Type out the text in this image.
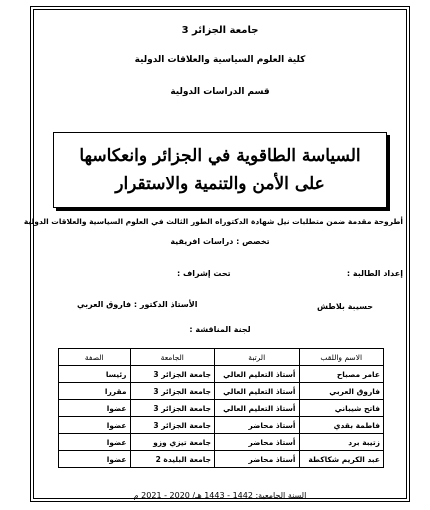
جامعة الجزائر 3
كلية العلوم السياسية والعلاقات الدولية
قسم الدراسات الدولية
السياسة الطاقوية في الجزائر وانعكاسها على الأمن والتنمية والاستقرار
أطروحة مقدمة ضمن متطلبات نيل شهادة الدكتوراه الطور الثالث في العلوم السياسية والعلاقات الدولية
تخصص : دراسات افريقية
إعداد الطالبة :
تحت إشراف :
حسيبة بلاطش
الأستاذ الدكتور : فاروق العربي
لجنة المناقشة :
الاسم واللقب	الرتبة	الجامعة	الصفة
عامر مصباح	أستاذ التعليم العالي	جامعة الجزائر 3	رئيسا
فاروق العربي	أستاذ التعليم العالي	جامعة الجزائر 3	مقررا
فاتح شيباني	أستاذ التعليم العالي	جامعة الجزائر 3	عضوا
فاطمة بقدي	أستاذ محاضر	جامعة الجزائر 3	عضوا
زتيبة برد	أستاذ محاضر	جامعة تيزي وزو	عضوا
عبد الكريم شكاكطة	أستاذ محاضر	جامعة البليدة 2	عضوا
السنة الجامعية: 1442 - 1443 هـ/ 2020 - 2021 م
